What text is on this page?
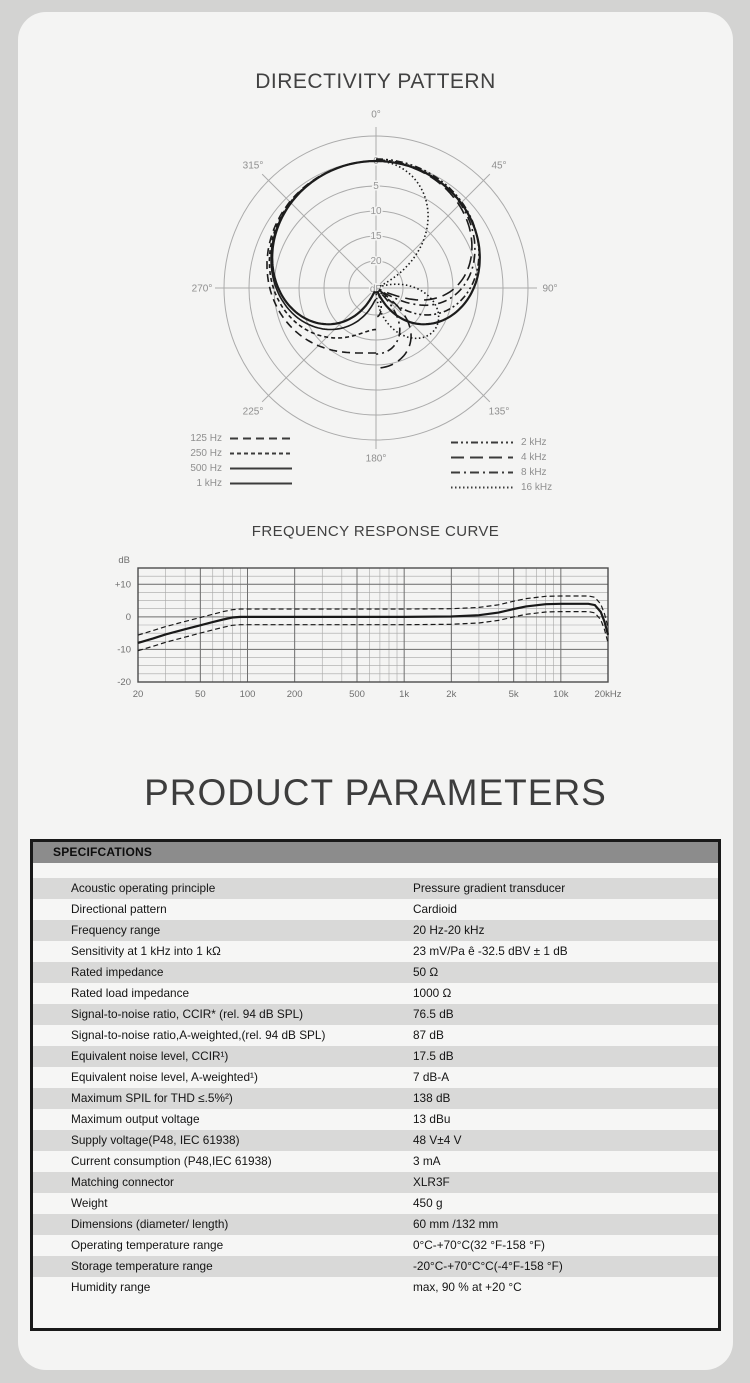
DIRECTIVITY PATTERN
0°
45°
90°
135°
180°
225°
270°
315°	0
5
10
15
20
dB
125 Hz
250 Hz
500 Hz
1 kHz
2 kHz
4 kHz
8 kHz
16 kHz
FREQUENCY RESPONSE CURVE
20	50	100	200	500	1k	2k	5k	10k	20kHz
+10
0
-10
-20
dB
PRODUCT PARAMETERS
SPECIFCATIONS
Acoustic operating principle	Pressure gradient transducer
Directional pattern	Cardioid
Frequency range	20 Hz-20 kHz
Sensitivity at 1 kHz into 1 kΩ	23 mV/Pa ê -32.5 dBV ± 1 dB
Rated impedance	50 Ω
Rated load impedance	1000 Ω
Signal-to-noise ratio, CCIR* (rel. 94 dB SPL)	76.5 dB
Signal-to-noise ratio,A-weighted,(rel. 94 dB SPL)	87 dB
Equivalent noise level, CCIR¹)	17.5 dB
Equivalent noise level, A-weighted¹)	7 dB-A
Maximum SPIL for THD ≤.5%²)	138 dB
Maximum output voltage	13 dBu
Supply voltage(P48, IEC 61938)	48 V±4 V
Current consumption (P48,IEC 61938)	3 mA
Matching connector	XLR3F
Weight	450 g
Dimensions (diameter/ length)	60 mm /132 mm
Operating temperature range	0°C-+70°C(32 °F-158 °F)
Storage temperature range	-20°C-+70°C°C(-4°F-158 °F)
Humidity range	max, 90 % at +20 °C
